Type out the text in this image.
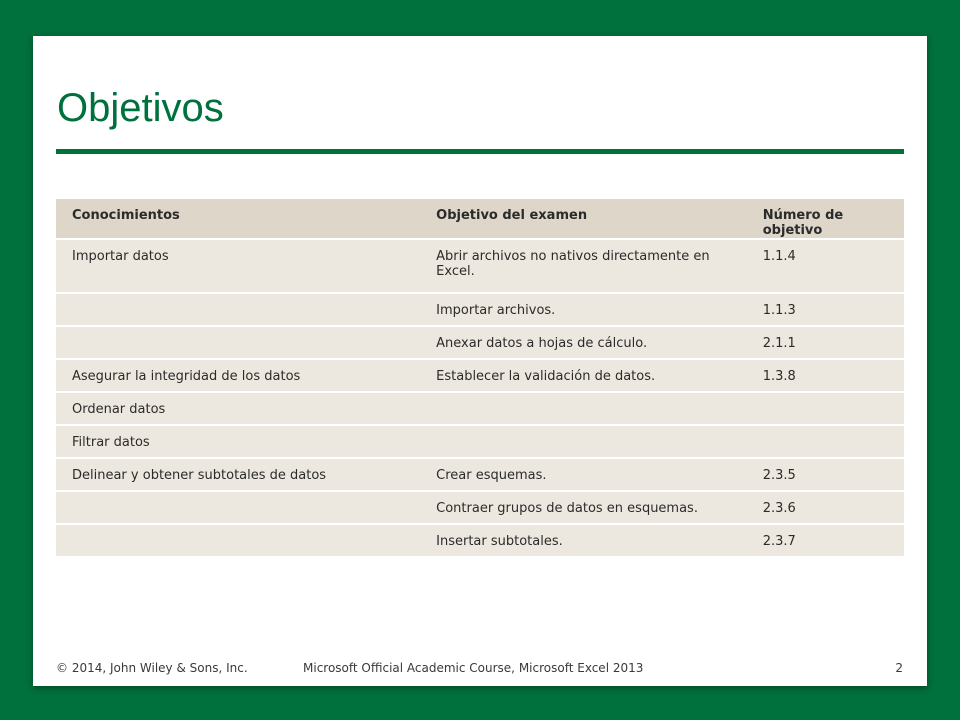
Objetivos
Conocimientos	Objetivo del examen	Número de objetivo
Importar datos	Abrir archivos no nativos directamente en Excel.	1.1.4
	Importar archivos.	1.1.3
	Anexar datos a hojas de cálculo.	2.1.1
Asegurar la integridad de los datos	Establecer la validación de datos.	1.3.8
Ordenar datos		
Filtrar datos		
Delinear y obtener subtotales de datos	Crear esquemas.	2.3.5
	Contraer grupos de datos en esquemas.	2.3.6
	Insertar subtotales.	2.3.7
© 2014, John Wiley & Sons, Inc.	Microsoft Official Academic Course, Microsoft Excel 2013	2
